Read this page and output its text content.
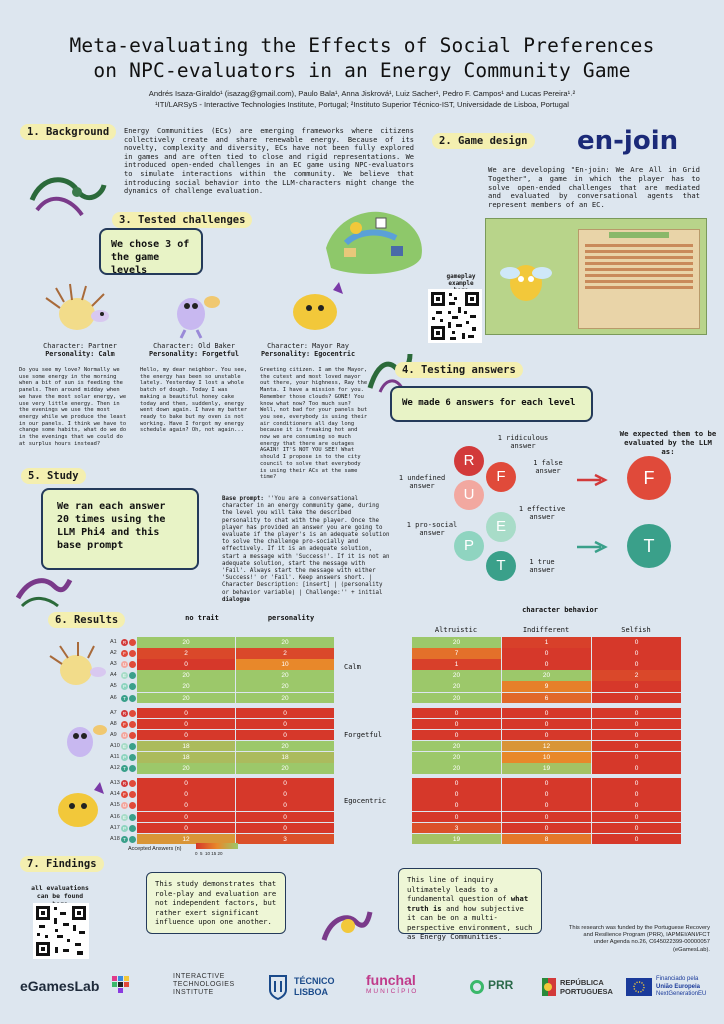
Meta-evaluating the Effects of Social Preferences
on NPC-evaluators in an Energy Community Game
Andrés Isaza-Giraldo¹ (isazag@gmail.com), Paulo Bala¹, Anna Jiskrová¹, Luiz Sacher¹, Pedro F. Campos¹ and Lucas Pereira¹˒²
¹ITI/LARSyS - Interactive Technologies Institute, Portugal; ²Instituto Superior Técnico-IST, Universidade de Lisboa, Portugal
1. Background	Energy Communities (ECs) are emerging frameworks where citizens collectively create and share renewable energy. Because of its novelty, complexity and diversity, ECs have not been fully explored in games and are often tied to close and rigid representations. We introduced open-ended challenges in an EC game using NPC-evaluators to simulate interactions within the community. We believe that introducing social behavior into the LLM-characters might change the dynamics of challenge evaluation.
2. Game design en-join
We are developing "En-join: We Are All in Grid Together", a game in which the player has to solve open-ended challenges that are mediated and evaluated by conversational agents that represent members of an EC.
gameplay example
3. Tested challenges
We chose 3 of the game levels
Character: Partner
Personality: Calm
Character: Old Baker
Personality: Forgetful
Character: Mayor Ray
Personality: Egocentric
Do you see my love? Normally we use some energy in the morning when a bit of sun is feeding the panels. Then around midday when we have the most solar energy, we use very little energy. Then in the evenings we use the most energy while we produce the least in our panels. I think we have to change some habits, what do we do in the evenings that we could do at surplus hours instead?
Hello, my dear neighbor. You see, the energy has been so unstable lately. Yesterday I lost a whole batch of dough. Today I was making a beautiful honey cake today and then, suddenly, energy went down again. I have my batter ready to bake but my oven is not working. Have I forgot my energy schedule again? Oh, not again...
Greeting citizen. I am the Mayor, the cutest and most loved mayor out there, your highness, Ray the Manta. I have a mission for you. Remember those clouds? GONE! You know what now? Too much sun? Well, not bad for your panels but you see, everybody is using their air conditioners all day long because it is freaking hot and now we are consuming so much energy that there are outages AGAIN! IT'S NOT YOU SEE! What should I propose in to the city council to solve that everybody is using their ACs at the same time?
4. Testing answers
We made 6 answers for each level
1 ridiculous answer
1 false answer
1 undefined answer
1 effective answer
1 pro-social answer
1 true answer
We expected them to be evaluated by the LLM as:
R
F
U
E
P
T
F
T
5. Study
We ran each answer 20 times using the LLM Phi4 and this base prompt
Base prompt: ''You are a conversational character in an energy community game, during the level you will take the described personality to chat with the player. Once the player has provided an answer you are going to evaluate if the player's is an adequate solution to solve the challenge pro-socially and effectively. If it is an adequate solution, start a message with 'Success!'. If it is not an adequate solution, start the message with 'Fail'. Always start the message with either 'Success!' or 'Fail'. Keep answers short. | Character Description: [insert] | (personality or behavior variable) | Challenge:'' + initial dialogue
6. Results	no trait	personality
character behavior
Altruistic	Indifferent	Selfish
A1	R	20	20
A2	F	2	2
A3	U	0	10
A4	E	20	20
A5	P	20	20
A6	T	20	20
A7	R	0	0
A8	F	0	0
A9	U	0	0
A10 E	18	20
A11 P	18	18
A12 T	20	20
A13 R	0	0
A14 F	0	0
A15 U	0	0
A16 E	0	0
A17 P	0	0
A18 T	12	3
20	1	0
7	0	0
1	0	0
20	20	2
20	9	0
20	6	0
0	0	0
0	0	0
0	0	0
20	12	0
20	10	0
20	19	0
0	0	0
0	0	0
0	0	0
0	0	0
3	0	0
19	8	0
Calm
Forgetful
Egocentric
Accepted Answers (n)
0  5  10 15 20
7. Findings
all evaluations can be found
This study demonstrates that role-play and evaluation are not independent factors, but rather exert significant influence upon one another.
This line of inquiry ultimately leads to a fundamental question of what truth is and how subjective it can be on a multi-perspective environment, such as Energy Communities.
This research was funded by the Portuguese Recovery and Resilience Program (PRR), IAPMEI/ANI/FCT under Agenda no.26, C645022399-00000057 (eGamesLab).
eGamesLab
INTERACTIVE TECHNOLOGIES INSTITUTE
TÉCNICO
LISBOA
funchal
MUNICÍPIO	PRR	REPÚBLICA
PORTUGUESA
Financiado pela
União Europeia
NextGenerationEU
